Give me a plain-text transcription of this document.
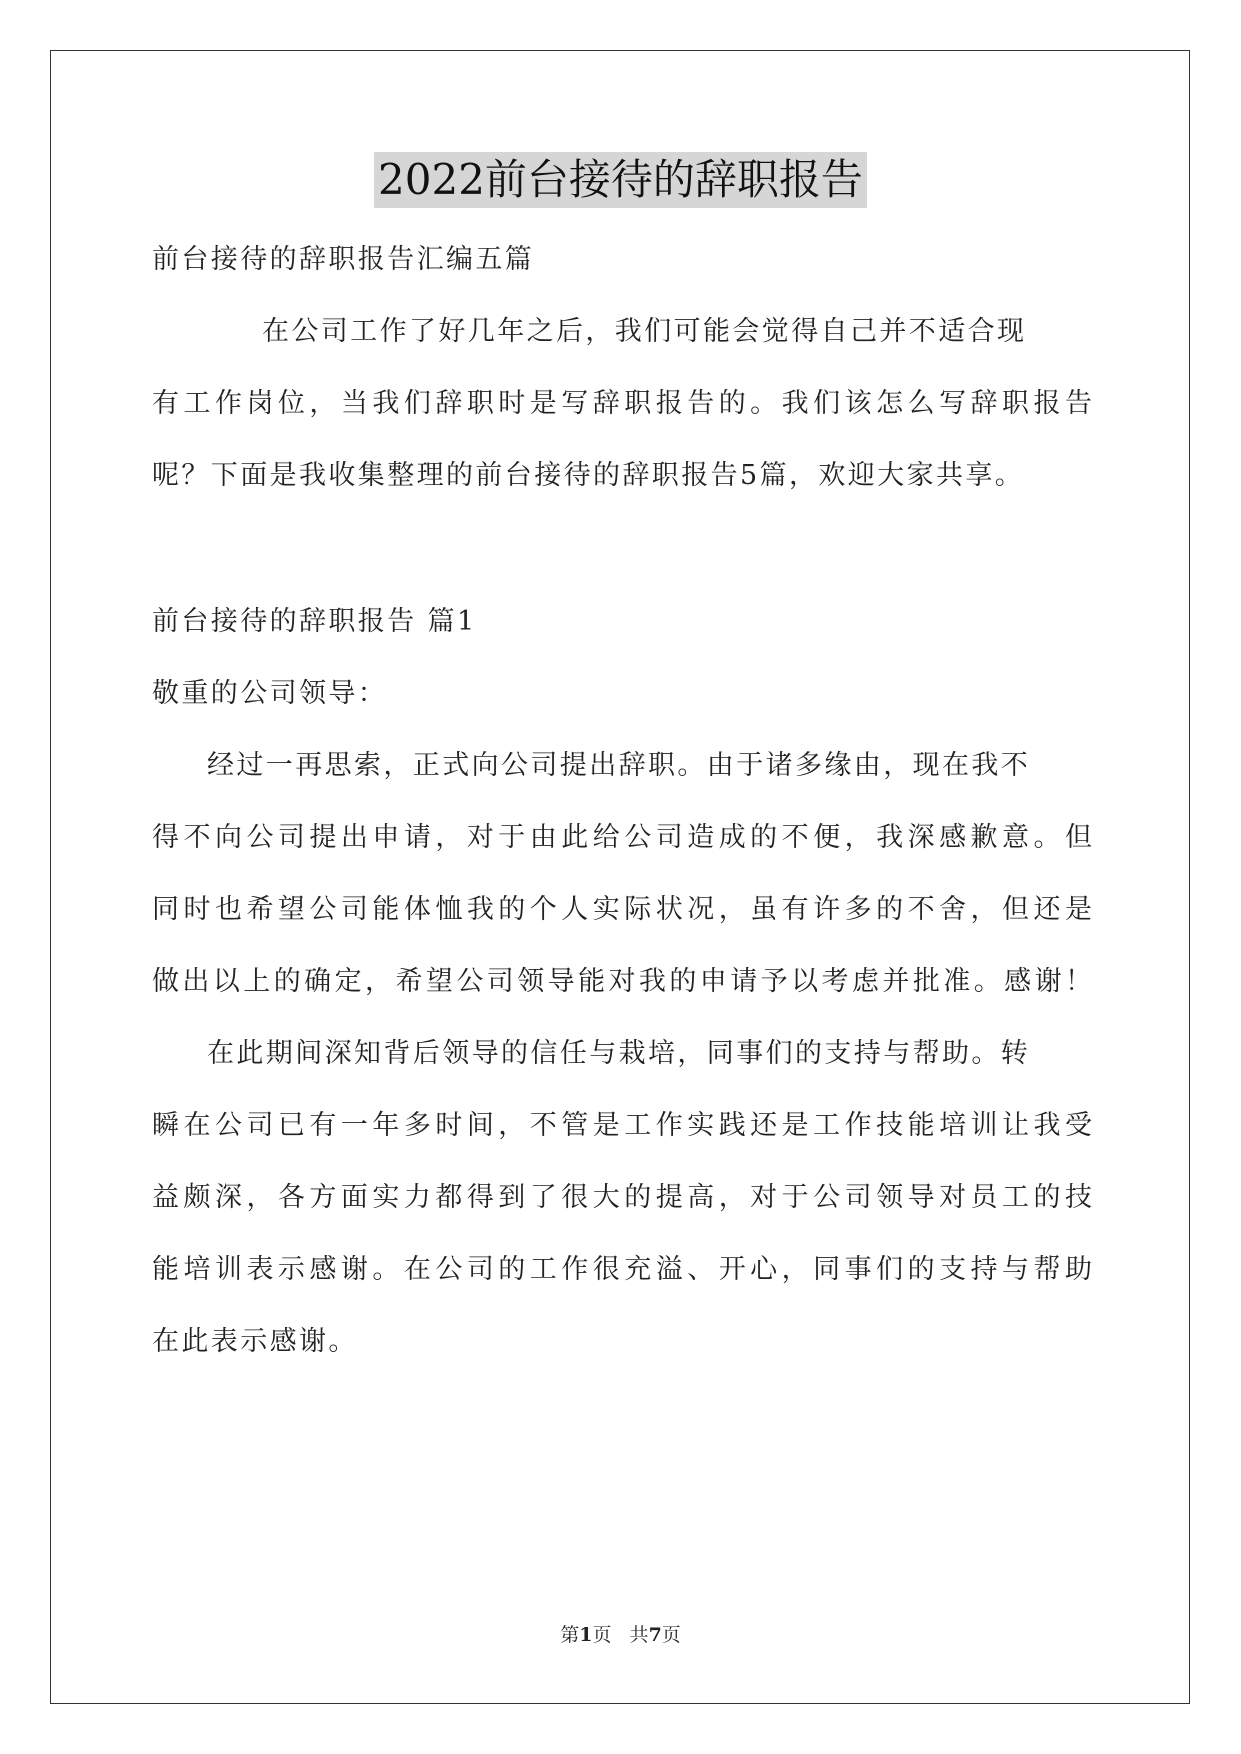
2022前台接待的辞职报告
前台接待的辞职报告汇编五篇
在公司工作了好几年之后，我们可能会觉得自己并不适合现
有工作岗位，当我们辞职时是写辞职报告的。我们该怎么写辞职报告
呢？下面是我收集整理的前台接待的辞职报告5篇，欢迎大家共享。
前台接待的辞职报告 篇1
敬重的公司领导：
经过一再思索，正式向公司提出辞职。由于诸多缘由，现在我不
得不向公司提出申请，对于由此给公司造成的不便，我深感歉意。但
同时也希望公司能体恤我的个人实际状况，虽有许多的不舍，但还是
做出以上的确定，希望公司领导能对我的申请予以考虑并批准。感谢！
在此期间深知背后领导的信任与栽培，同事们的支持与帮助。转
瞬在公司已有一年多时间，不管是工作实践还是工作技能培训让我受
益颇深，各方面实力都得到了很大的提高，对于公司领导对员工的技
能培训表示感谢。在公司的工作很充溢、开心，同事们的支持与帮助
在此表示感谢。
第1页   共7页
